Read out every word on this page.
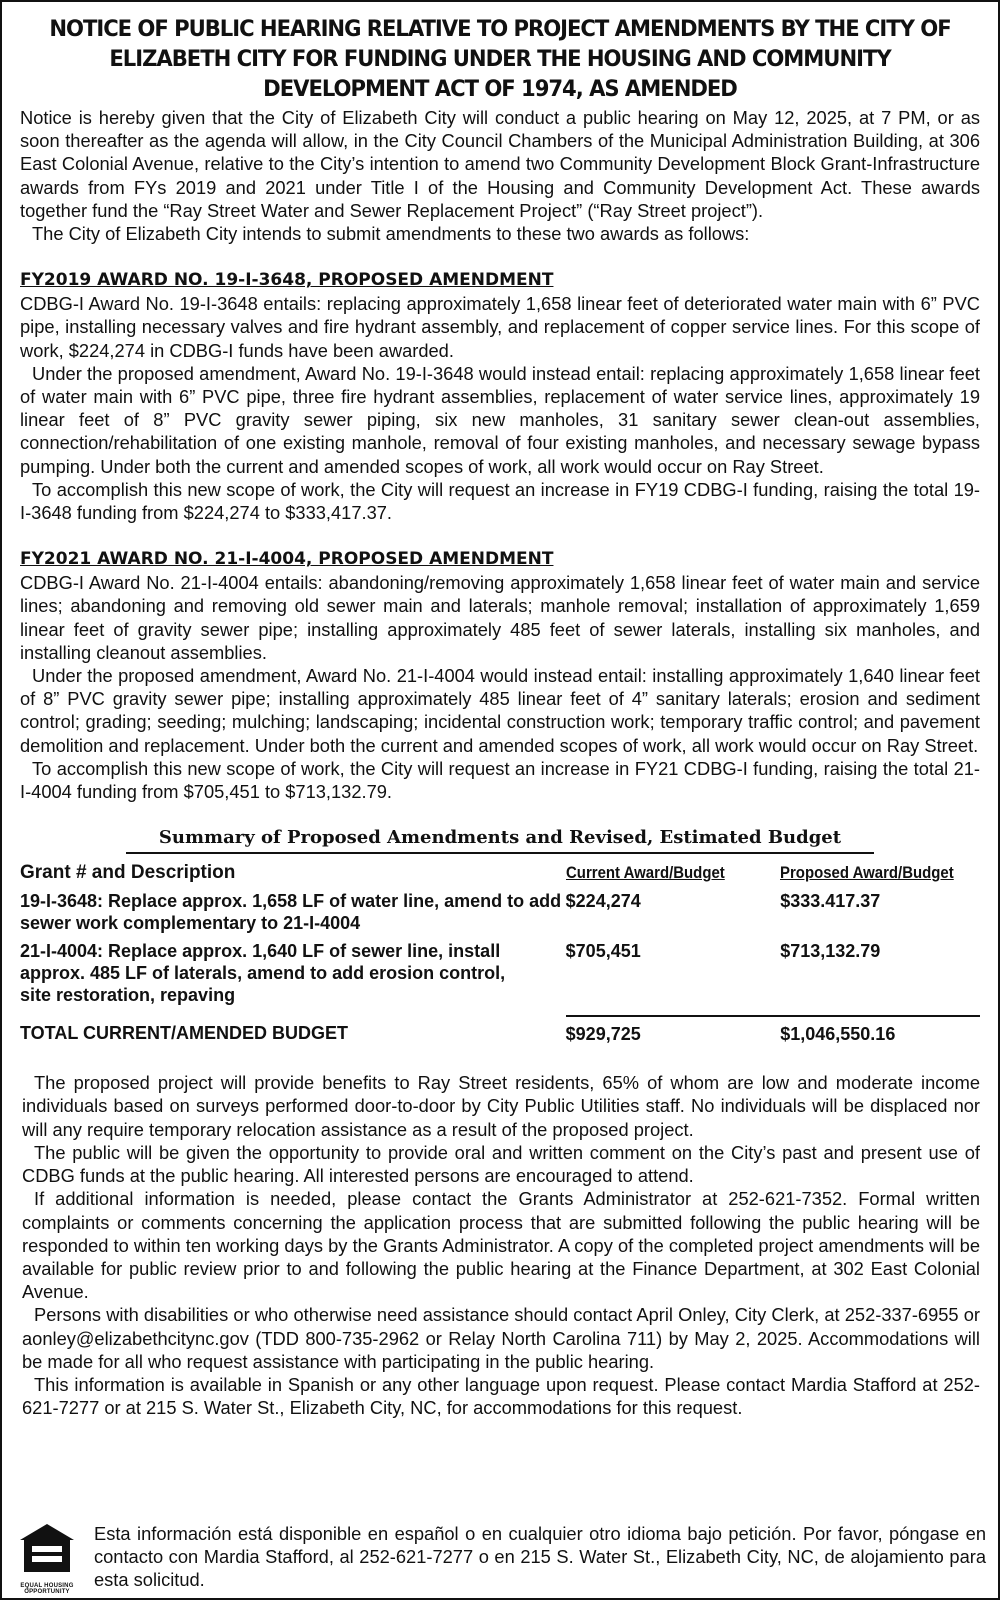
NOTICE OF PUBLIC HEARING RELATIVE TO PROJECT AMENDMENTS BY THE CITY OF ELIZABETH CITY FOR FUNDING UNDER THE HOUSING AND COMMUNITY DEVELOPMENT ACT OF 1974, AS AMENDED

Notice is hereby given that the City of Elizabeth City will conduct a public hearing on May 12, 2025, at 7 PM, or as soon thereafter as the agenda will allow, in the City Council Chambers of the Municipal Administration Building, at 306 East Colonial Avenue, relative to the City’s intention to amend two Community Development Block Grant-Infrastructure awards from FYs 2019 and 2021 under Title I of the Housing and Community Development Act. These awards together fund the “Ray Street Water and Sewer Replacement Project” (“Ray Street project”).

The City of Elizabeth City intends to submit amendments to these two awards as follows:

FY2019 AWARD NO. 19-I-3648, PROPOSED AMENDMENT

CDBG-I Award No. 19-I-3648 entails: replacing approximately 1,658 linear feet of deteriorated water main with 6” PVC pipe, installing necessary valves and fire hydrant assembly, and replacement of copper service lines. For this scope of work, $224,274 in CDBG-I funds have been awarded.

Under the proposed amendment, Award No. 19-I-3648 would instead entail: replacing approximately 1,658 linear feet of water main with 6” PVC pipe, three fire hydrant assemblies, replacement of water service lines, approximately 19 linear feet of 8” PVC gravity sewer piping, six new manholes, 31 sanitary sewer clean-out assemblies, connection/rehabilitation of one existing manhole, removal of four existing manholes, and necessary sewage bypass pumping. Under both the current and amended scopes of work, all work would occur on Ray Street.

To accomplish this new scope of work, the City will request an increase in FY19 CDBG-I funding, raising the total 19-I-3648 funding from $224,274 to $333,417.37.

FY2021 AWARD NO. 21-I-4004, PROPOSED AMENDMENT

CDBG-I Award No. 21-I-4004 entails: abandoning/removing approximately 1,658 linear feet of water main and service lines; abandoning and removing old sewer main and laterals; manhole removal; installation of approximately 1,659 linear feet of gravity sewer pipe; installing approximately 485 feet of sewer laterals, installing six manholes, and installing cleanout assemblies.

Under the proposed amendment, Award No. 21-I-4004 would instead entail: installing approximately 1,640 linear feet of 8” PVC gravity sewer pipe; installing approximately 485 linear feet of 4” sanitary laterals; erosion and sediment control; grading; seeding; mulching; landscaping; incidental construction work; temporary traffic control; and pavement demolition and replacement. Under both the current and amended scopes of work, all work would occur on Ray Street.

To accomplish this new scope of work, the City will request an increase in FY21 CDBG-I funding, raising the total 21-I-4004 funding from $705,451 to $713,132.79.

Summary of Proposed Amendments and Revised, Estimated Budget
Grant # and Description	Current Award/Budget	Proposed Award/Budget
19-I-3648: Replace approx. 1,658 LF of water line, amend to add sewer work complementary to 21-I-4004	$224,274	$333.417.37
21-I-4004: Replace approx. 1,640 LF of sewer line, install approx. 485 LF of laterals, amend to add erosion control, site restoration, repaving	$705,451	$713,132.79
TOTAL CURRENT/AMENDED BUDGET	$929,725	$1,046,550.16

The proposed project will provide benefits to Ray Street residents, 65% of whom are low and moderate income individuals based on surveys performed door-to-door by City Public Utilities staff. No individuals will be displaced nor will any require temporary relocation assistance as a result of the proposed project.

The public will be given the opportunity to provide oral and written comment on the City’s past and present use of CDBG funds at the public hearing. All interested persons are encouraged to attend.

If additional information is needed, please contact the Grants Administrator at 252-621-7352. Formal written complaints or comments concerning the application process that are submitted following the public hearing will be responded to within ten working days by the Grants Administrator. A copy of the completed project amendments will be available for public review prior to and following the public hearing at the Finance Department, at 302 East Colonial Avenue.

Persons with disabilities or who otherwise need assistance should contact April Onley, City Clerk, at 252-337-6955 or aonley@elizabethcitync.gov (TDD 800-735-2962 or Relay North Carolina 711) by May 2, 2025. Accommodations will be made for all who request assistance with participating in the public hearing.

This information is available in Spanish or any other language upon request. Please contact Mardia Stafford at 252-621-7277 or at 215 S. Water St., Elizabeth City, NC, for accommodations for this request.

EQUAL HOUSING
OPPORTUNITY
Esta información está disponible en español o en cualquier otro idioma bajo petición. Por favor, póngase en contacto con Mardia Stafford, al 252-621-7277 o en 215 S. Water St., Elizabeth City, NC, de alojamiento para esta solicitud.
